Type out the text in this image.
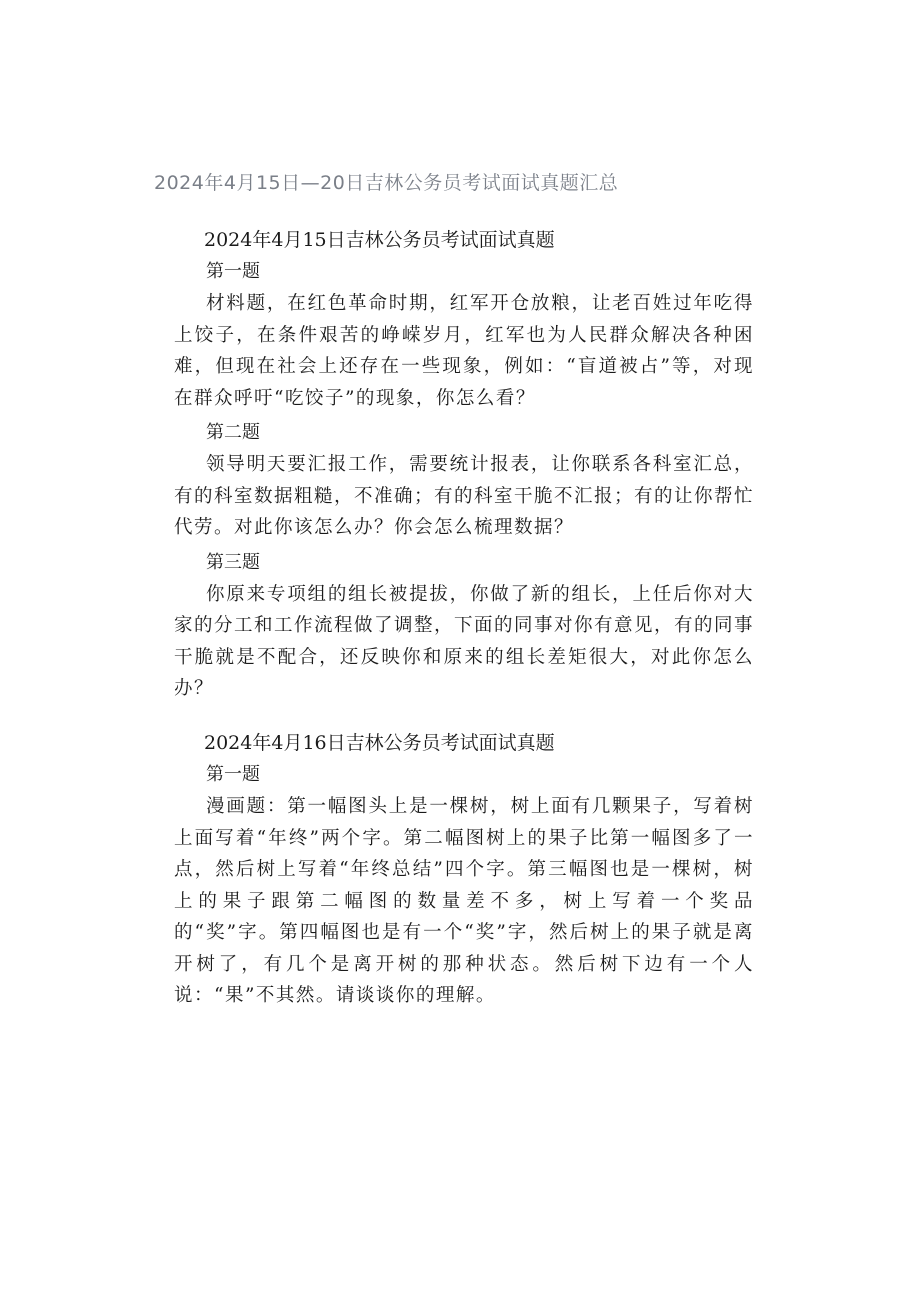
2024年4月15日—20日吉林公务员考试面试真题汇总
2024年4月15日吉林公务员考试面试真题
第一题

材料题，在红色革命时期，红军开仓放粮，让老百姓过年吃得上饺子，在条件艰苦的峥嵘岁月，红军也为人民群众解决各种困难，但现在社会上还存在一些现象，例如：“盲道被占”等，对现在群众呼吁“吃饺子”的现象，你怎么看？

第二题

领导明天要汇报工作，需要统计报表，让你联系各科室汇总，有的科室数据粗糙，不准确；有的科室干脆不汇报；有的让你帮忙代劳。对此你该怎么办？你会怎么梳理数据？

第三题

你原来专项组的组长被提拔，你做了新的组长，上任后你对大家的分工和工作流程做了调整，下面的同事对你有意见，有的同事干脆就是不配合，还反映你和原来的组长差矩很大，对此你怎么办？

2024年4月16日吉林公务员考试面试真题
第一题

漫画题：第一幅图头上是一棵树，树上面有几颗果子，写着树上面写着“年终”两个字。第二幅图树上的果子比第一幅图多了一点，然后树上写着“年终总结”四个字。第三幅图也是一棵树，树上的果子跟第二幅图的数量差不多，树上写着一个奖品的“奖”字。第四幅图也是有一个“奖”字，然后树上的果子就是离开树了，有几个是离开树的那种状态。然后树下边有一个人说：“果”不其然。请谈谈你的理解。
